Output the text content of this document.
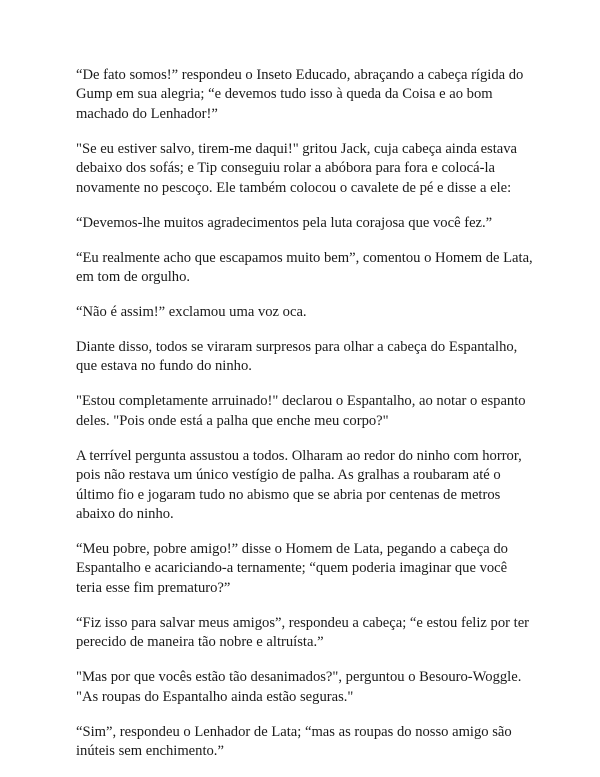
“De fato somos!” respondeu o Inseto Educado, abraçando a cabeça rígida do Gump em sua alegria; “e devemos tudo isso à queda da Coisa e ao bom machado do Lenhador!”

"Se eu estiver salvo, tirem-me daqui!" gritou Jack, cuja cabeça ainda estava debaixo dos sofás; e Tip conseguiu rolar a abóbora para fora e colocá-la novamente no pescoço. Ele também colocou o cavalete de pé e disse a ele:

“Devemos-lhe muitos agradecimentos pela luta corajosa que você fez.”

“Eu realmente acho que escapamos muito bem”, comentou o Homem de Lata, em tom de orgulho.

“Não é assim!” exclamou uma voz oca.

Diante disso, todos se viraram surpresos para olhar a cabeça do Espantalho, que estava no fundo do ninho.

"Estou completamente arruinado!" declarou o Espantalho, ao notar o espanto deles. "Pois onde está a palha que enche meu corpo?"

A terrível pergunta assustou a todos. Olharam ao redor do ninho com horror, pois não restava um único vestígio de palha. As gralhas a roubaram até o último fio e jogaram tudo no abismo que se abria por centenas de metros abaixo do ninho.

“Meu pobre, pobre amigo!” disse o Homem de Lata, pegando a cabeça do Espantalho e acariciando-a ternamente; “quem poderia imaginar que você teria esse fim prematuro?”

“Fiz isso para salvar meus amigos”, respondeu a cabeça; “e estou feliz por ter perecido de maneira tão nobre e altruísta.”

"Mas por que vocês estão tão desanimados?", perguntou o Besouro-Woggle. "As roupas do Espantalho ainda estão seguras."

“Sim”, respondeu o Lenhador de Lata; “mas as roupas do nosso amigo são inúteis sem enchimento.”
